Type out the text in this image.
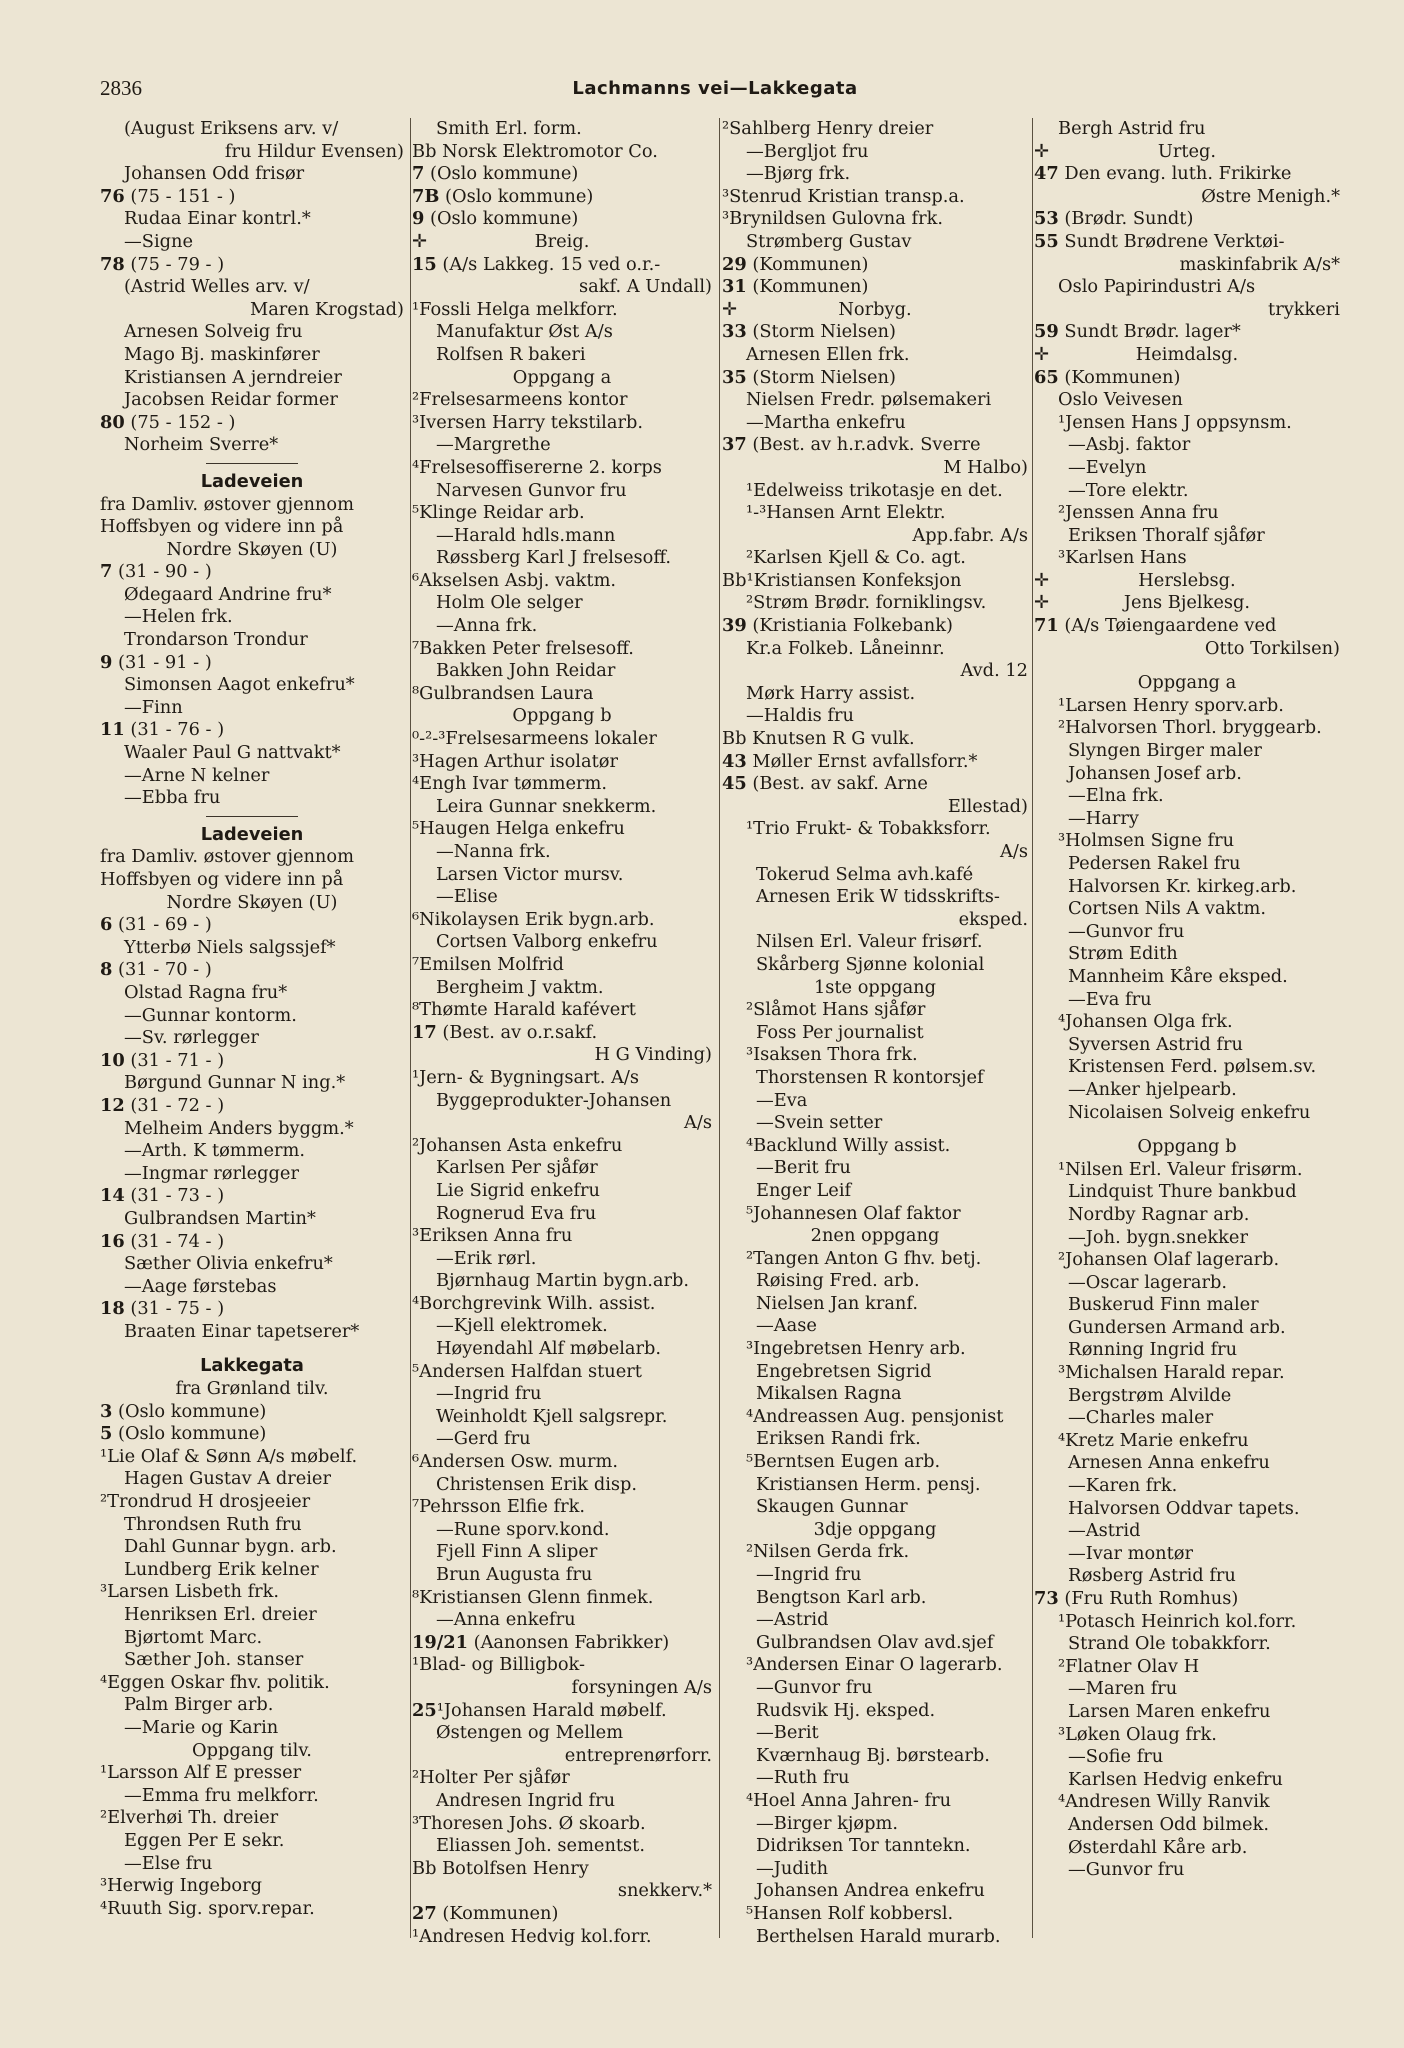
2836	Lachmanns vei—Lakkegata
(August Eriksens arv. v/
fru Hildur Evensen)
Johansen Odd frisør
76 (75 - 151 - )
Rudaa Einar kontrl.*
—Signe
78 (75 - 79 - )
(Astrid Welles arv. v/
Maren Krogstad)
Arnesen Solveig fru
Mago Bj. maskinfører
Kristiansen A jerndreier
Jacobsen Reidar former
80 (75 - 152 - )
Norheim Sverre*
Ladeveien
fra Damliv. østover gjennom
Hoffsbyen og videre inn på
Nordre Skøyen (U)
7 (31 - 90 - )
Ødegaard Andrine fru*
—Helen frk.
Trondarson Trondur
9 (31 - 91 - )
Simonsen Aagot enkefru*
—Finn
11 (31 - 76 - )
Waaler Paul G nattvakt*
—Arne N kelner
—Ebba fru
Ladeveien
fra Damliv. østover gjennom
Hoffsbyen og videre inn på
Nordre Skøyen (U)
6 (31 - 69 - )
Ytterbø Niels salgssjef*
8 (31 - 70 - )
Olstad Ragna fru*
—Gunnar kontorm.
—Sv. rørlegger
10 (31 - 71 - )
Børgund Gunnar N ing.*
12 (31 - 72 - )
Melheim Anders byggm.*
—Arth. K tømmerm.
—Ingmar rørlegger
14 (31 - 73 - )
Gulbrandsen Martin*
16 (31 - 74 - )
Sæther Olivia enkefru*
—Aage førstebas
18 (31 - 75 - )
Braaten Einar tapetserer*
Lakkegata
fra Grønland tilv.
3 (Oslo kommune)
5 (Oslo kommune)
¹Lie Olaf & Sønn A/s møbelf.
Hagen Gustav A dreier
²Trondrud H drosjeeier
Throndsen Ruth fru
Dahl Gunnar bygn. arb.
Lundberg Erik kelner
³Larsen Lisbeth frk.
Henriksen Erl. dreier
Bjørtomt Marc.
Sæther Joh. stanser
⁴Eggen Oskar fhv. politik.
Palm Birger arb.
—Marie og Karin
Oppgang tilv.
¹Larsson Alf E presser
—Emma fru melkforr.
²Elverhøi Th. dreier
Eggen Per E sekr.
—Else fru
³Herwig Ingeborg
⁴Ruuth Sig. sporv.repar.
Smith Erl. form.
Bb Norsk Elektromotor Co.
7 (Oslo kommune)
7B (Oslo kommune)
9 (Oslo kommune)
✛	Breig.
15 (A/s Lakkeg. 15 ved o.r.-
sakf. A Undall)
¹Fossli Helga melkforr.
Manufaktur Øst A/s
Rolfsen R bakeri
Oppgang a
²Frelsesarmeens kontor
³Iversen Harry tekstilarb.
—Margrethe
⁴Frelsesoffisererne 2. korps
Narvesen Gunvor fru
⁵Klinge Reidar arb.
—Harald hdls.mann
Røssberg Karl J frelsesoff.
⁶Akselsen Asbj. vaktm.
Holm Ole selger
—Anna frk.
⁷Bakken Peter frelsesoff.
Bakken John Reidar
⁸Gulbrandsen Laura
Oppgang b
⁰-²-³Frelsesarmeens lokaler
³Hagen Arthur isolatør
⁴Engh Ivar tømmerm.
Leira Gunnar snekkerm.
⁵Haugen Helga enkefru
—Nanna frk.
Larsen Victor mursv.
—Elise
⁶Nikolaysen Erik bygn.arb.
Cortsen Valborg enkefru
⁷Emilsen Molfrid
Bergheim J vaktm.
⁸Thømte Harald kafévert
17 (Best. av o.r.sakf.
H G Vinding)
¹Jern- & Bygningsart. A/s
Byggeprodukter-Johansen
A/s
²Johansen Asta enkefru
Karlsen Per sjåfør
Lie Sigrid enkefru
Rognerud Eva fru
³Eriksen Anna fru
—Erik rørl.
Bjørnhaug Martin bygn.arb.
⁴Borchgrevink Wilh. assist.
—Kjell elektromek.
Høyendahl Alf møbelarb.
⁵Andersen Halfdan stuert
—Ingrid fru
Weinholdt Kjell salgsrepr.
—Gerd fru
⁶Andersen Osw. murm.
Christensen Erik disp.
⁷Pehrsson Elfie frk.
—Rune sporv.kond.
Fjell Finn A sliper
Brun Augusta fru
⁸Kristiansen Glenn finmek.
—Anna enkefru
19/21 (Aanonsen Fabrikker)
¹Blad- og Billigbok-
forsyningen A/s
25¹Johansen Harald møbelf.
Østengen og Mellem
entreprenørforr.
²Holter Per sjåfør
Andresen Ingrid fru
³Thoresen Johs. Ø skoarb.
Eliassen Joh. sementst.
Bb Botolfsen Henry
snekkerv.*
27 (Kommunen)
¹Andresen Hedvig kol.forr.
²Sahlberg Henry dreier
—Bergljot fru
—Bjørg frk.
³Stenrud Kristian transp.a.
³Brynildsen Gulovna frk.
Strømberg Gustav
29 (Kommunen)
31 (Kommunen)
✛	Norbyg.
33 (Storm Nielsen)
Arnesen Ellen frk.
35 (Storm Nielsen)
Nielsen Fredr. pølsemakeri
—Martha enkefru
37 (Best. av h.r.advk. Sverre
M Halbo)
¹Edelweiss trikotasje en det.
¹-³Hansen Arnt Elektr.
App.fabr. A/s
²Karlsen Kjell & Co. agt.
Bb¹Kristiansen Konfeksjon
²Strøm Brødr. forniklingsv.
39 (Kristiania Folkebank)
Kr.a Folkeb. Låneinnr.
Avd. 12
Mørk Harry assist.
—Haldis fru
Bb Knutsen R G vulk.
43 Møller Ernst avfallsforr.*
45 (Best. av sakf. Arne
Ellestad)
¹Trio Frukt- & Tobakksforr.
A/s
Tokerud Selma avh.kafé
Arnesen Erik W tidsskrifts-
eksped.
Nilsen Erl. Valeur frisørf.
Skårberg Sjønne kolonial
1ste oppgang
²Slåmot Hans sjåfør
Foss Per journalist
³Isaksen Thora frk.
Thorstensen R kontorsjef
—Eva
—Svein setter
⁴Backlund Willy assist.
—Berit fru
Enger Leif
⁵Johannesen Olaf faktor
2nen oppgang
²Tangen Anton G fhv. betj.
Røising Fred. arb.
Nielsen Jan kranf.
—Aase
³Ingebretsen Henry arb.
Engebretsen Sigrid
Mikalsen Ragna
⁴Andreassen Aug. pensjonist
Eriksen Randi frk.
⁵Berntsen Eugen arb.
Kristiansen Herm. pensj.
Skaugen Gunnar
3dje oppgang
²Nilsen Gerda frk.
—Ingrid fru
Bengtson Karl arb.
—Astrid
Gulbrandsen Olav avd.sjef
³Andersen Einar O lagerarb.
—Gunvor fru
Rudsvik Hj. eksped.
—Berit
Kværnhaug Bj. børstearb.
—Ruth fru
⁴Hoel Anna Jahren- fru
—Birger kjøpm.
Didriksen Tor tanntekn.
—Judith
Johansen Andrea enkefru
⁵Hansen Rolf kobbersl.
Berthelsen Harald murarb.
Bergh Astrid fru
✛	Urteg.
47 Den evang. luth. Frikirke
Østre Menigh.*
53 (Brødr. Sundt)
55 Sundt Brødrene Verktøi-
maskinfabrik A/s*
Oslo Papirindustri A/s
trykkeri
59 Sundt Brødr. lager*
✛	Heimdalsg.
65 (Kommunen)
Oslo Veivesen
¹Jensen Hans J oppsynsm.
—Asbj. faktor
—Evelyn
—Tore elektr.
²Jenssen Anna fru
Eriksen Thoralf sjåfør
³Karlsen Hans
✛	Herslebsg.
✛	Jens Bjelkesg.
71 (A/s Tøiengaardene ved
Otto Torkilsen)
Oppgang a
¹Larsen Henry sporv.arb.
²Halvorsen Thorl. bryggearb.
Slyngen Birger maler
Johansen Josef arb.
—Elna frk.
—Harry
³Holmsen Signe fru
Pedersen Rakel fru
Halvorsen Kr. kirkeg.arb.
Cortsen Nils A vaktm.
—Gunvor fru
Strøm Edith
Mannheim Kåre eksped.
—Eva fru
⁴Johansen Olga frk.
Syversen Astrid fru
Kristensen Ferd. pølsem.sv.
—Anker hjelpearb.
Nicolaisen Solveig enkefru
Oppgang b
¹Nilsen Erl. Valeur frisørm.
Lindquist Thure bankbud
Nordby Ragnar arb.
—Joh. bygn.snekker
²Johansen Olaf lagerarb.
—Oscar lagerarb.
Buskerud Finn maler
Gundersen Armand arb.
Rønning Ingrid fru
³Michalsen Harald repar.
Bergstrøm Alvilde
—Charles maler
⁴Kretz Marie enkefru
Arnesen Anna enkefru
—Karen frk.
Halvorsen Oddvar tapets.
—Astrid
—Ivar montør
Røsberg Astrid fru
73 (Fru Ruth Romhus)
¹Potasch Heinrich kol.forr.
Strand Ole tobakkforr.
²Flatner Olav H
—Maren fru
Larsen Maren enkefru
³Løken Olaug frk.
—Sofie fru
Karlsen Hedvig enkefru
⁴Andresen Willy Ranvik
Andersen Odd bilmek.
Østerdahl Kåre arb.
—Gunvor fru
